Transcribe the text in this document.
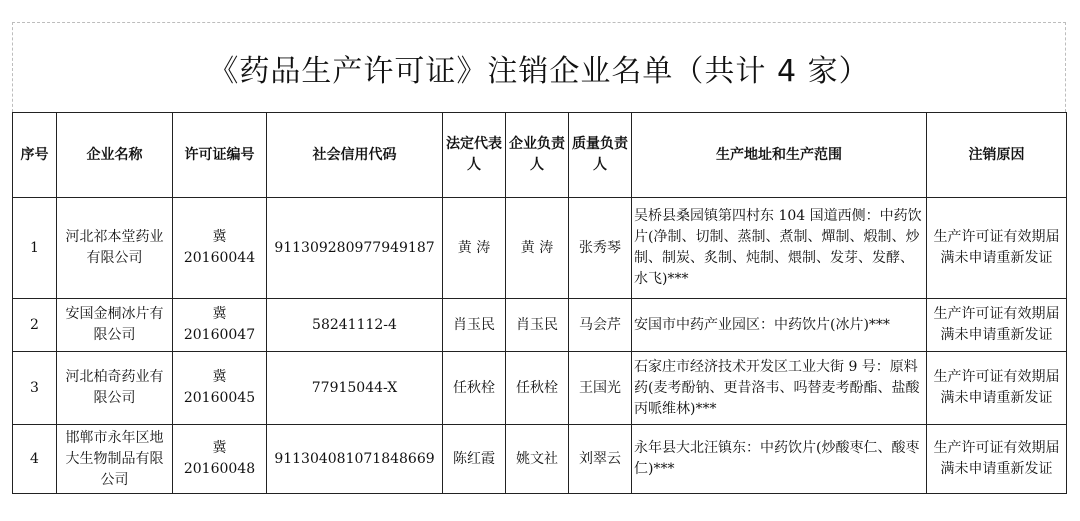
《药品生产许可证》注销企业名单（共计 4 家）
序号	企业名称	许可证编号	社会信用代码	法定代表人	企业负责人	质量负责人	生产地址和生产范围	注销原因
1	河北祁本堂药业有限公司	冀 20160044	911309280977949187	黄 涛	黄 涛	张秀琴	吴桥县桑园镇第四村东 104 国道西侧：中药饮片(净制、切制、蒸制、煮制、燀制、煅制、炒制、制炭、炙制、炖制、煨制、发芽、发酵、水飞)***	生产许可证有效期届满未申请重新发证
2	安国金桐冰片有限公司	冀 20160047	58241112-4	肖玉民	肖玉民	马会芹	安国市中药产业园区：中药饮片(冰片)***	生产许可证有效期届满未申请重新发证
3	河北柏奇药业有限公司	冀 20160045	77915044-X	任秋栓	任秋栓	王国光	石家庄市经济技术开发区工业大街 9 号：原料药(麦考酚钠、更昔洛韦、吗替麦考酚酯、盐酸丙哌维林)***	生产许可证有效期届满未申请重新发证
4	邯郸市永年区地大生物制品有限公司	冀 20160048	911304081071848669	陈红霞	姚文社	刘翠云	永年县大北汪镇东：中药饮片(炒酸枣仁、酸枣仁)***	生产许可证有效期届满未申请重新发证
